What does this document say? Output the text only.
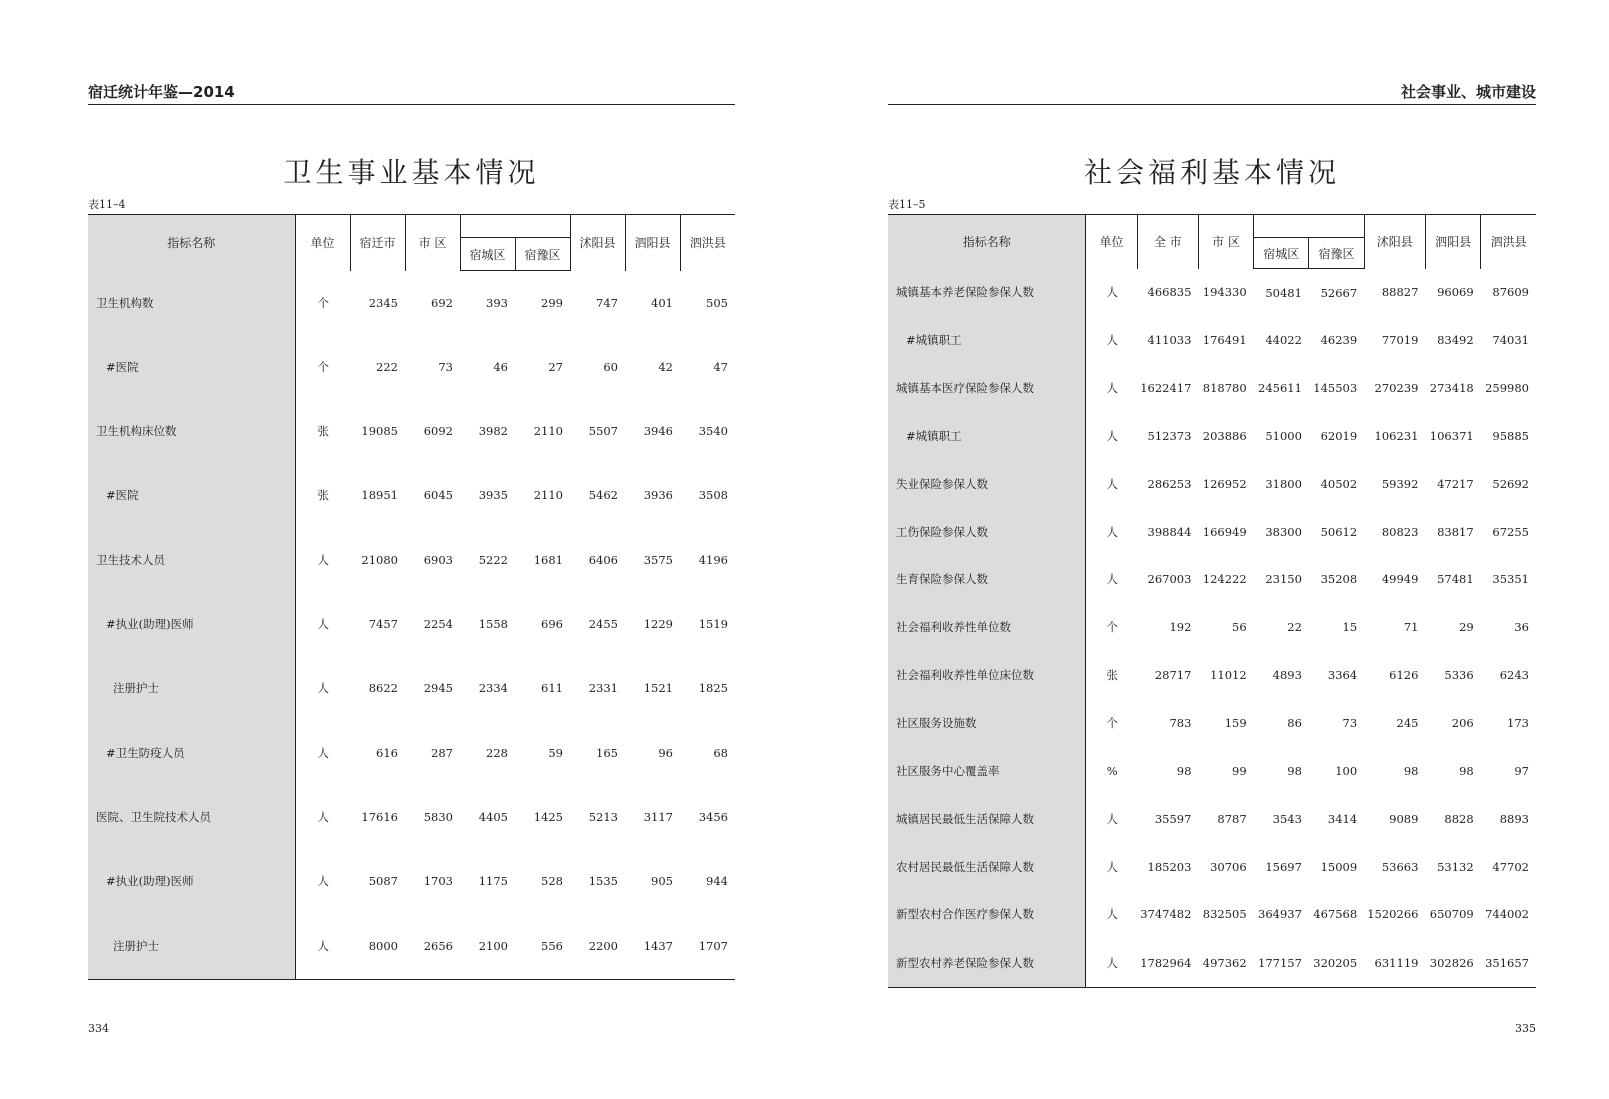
宿迁统计年鉴—2014
卫生事业基本情况
表11–4
指标名称	单位	宿迁市	市 区			沭阳县	泗阳县	泗洪县
				宿城区	宿豫区			
卫生机构数	个	2345	692	393	299	747	401	505
#医院	个	222	73	46	27	60	42	47
卫生机构床位数	张	19085	6092	3982	2110	5507	3946	3540
#医院	张	18951	6045	3935	2110	5462	3936	3508
卫生技术人员	人	21080	6903	5222	1681	6406	3575	4196
#执业(助理)医师	人	7457	2254	1558	696	2455	1229	1519
注册护士	人	8622	2945	2334	611	2331	1521	1825
#卫生防疫人员	人	616	287	228	59	165	96	68
医院、卫生院技术人员	人	17616	5830	4405	1425	5213	3117	3456
#执业(助理)医师	人	5087	1703	1175	528	1535	905	944
注册护士	人	8000	2656	2100	556	2200	1437	1707
334
社会事业、城市建设
社会福利基本情况
表11–5
指标名称	单位	全 市	市 区			沭阳县	泗阳县	泗洪县
				宿城区	宿豫区			
城镇基本养老保险参保人数	人	466835	194330	50481	52667	88827	96069	87609
#城镇职工	人	411033	176491	44022	46239	77019	83492	74031
城镇基本医疗保险参保人数	人	1622417	818780	245611	145503	270239	273418	259980
#城镇职工	人	512373	203886	51000	62019	106231	106371	95885
失业保险参保人数	人	286253	126952	31800	40502	59392	47217	52692
工伤保险参保人数	人	398844	166949	38300	50612	80823	83817	67255
生育保险参保人数	人	267003	124222	23150	35208	49949	57481	35351
社会福利收养性单位数	个	192	56	22	15	71	29	36
社会福利收养性单位床位数	张	28717	11012	4893	3364	6126	5336	6243
社区服务设施数	个	783	159	86	73	245	206	173
社区服务中心覆盖率	%	98	99	98	100	98	98	97
城镇居民最低生活保障人数	人	35597	8787	3543	3414	9089	8828	8893
农村居民最低生活保障人数	人	185203	30706	15697	15009	53663	53132	47702
新型农村合作医疗参保人数	人	3747482	832505	364937	467568	1520266	650709	744002
新型农村养老保险参保人数	人	1782964	497362	177157	320205	631119	302826	351657
335
